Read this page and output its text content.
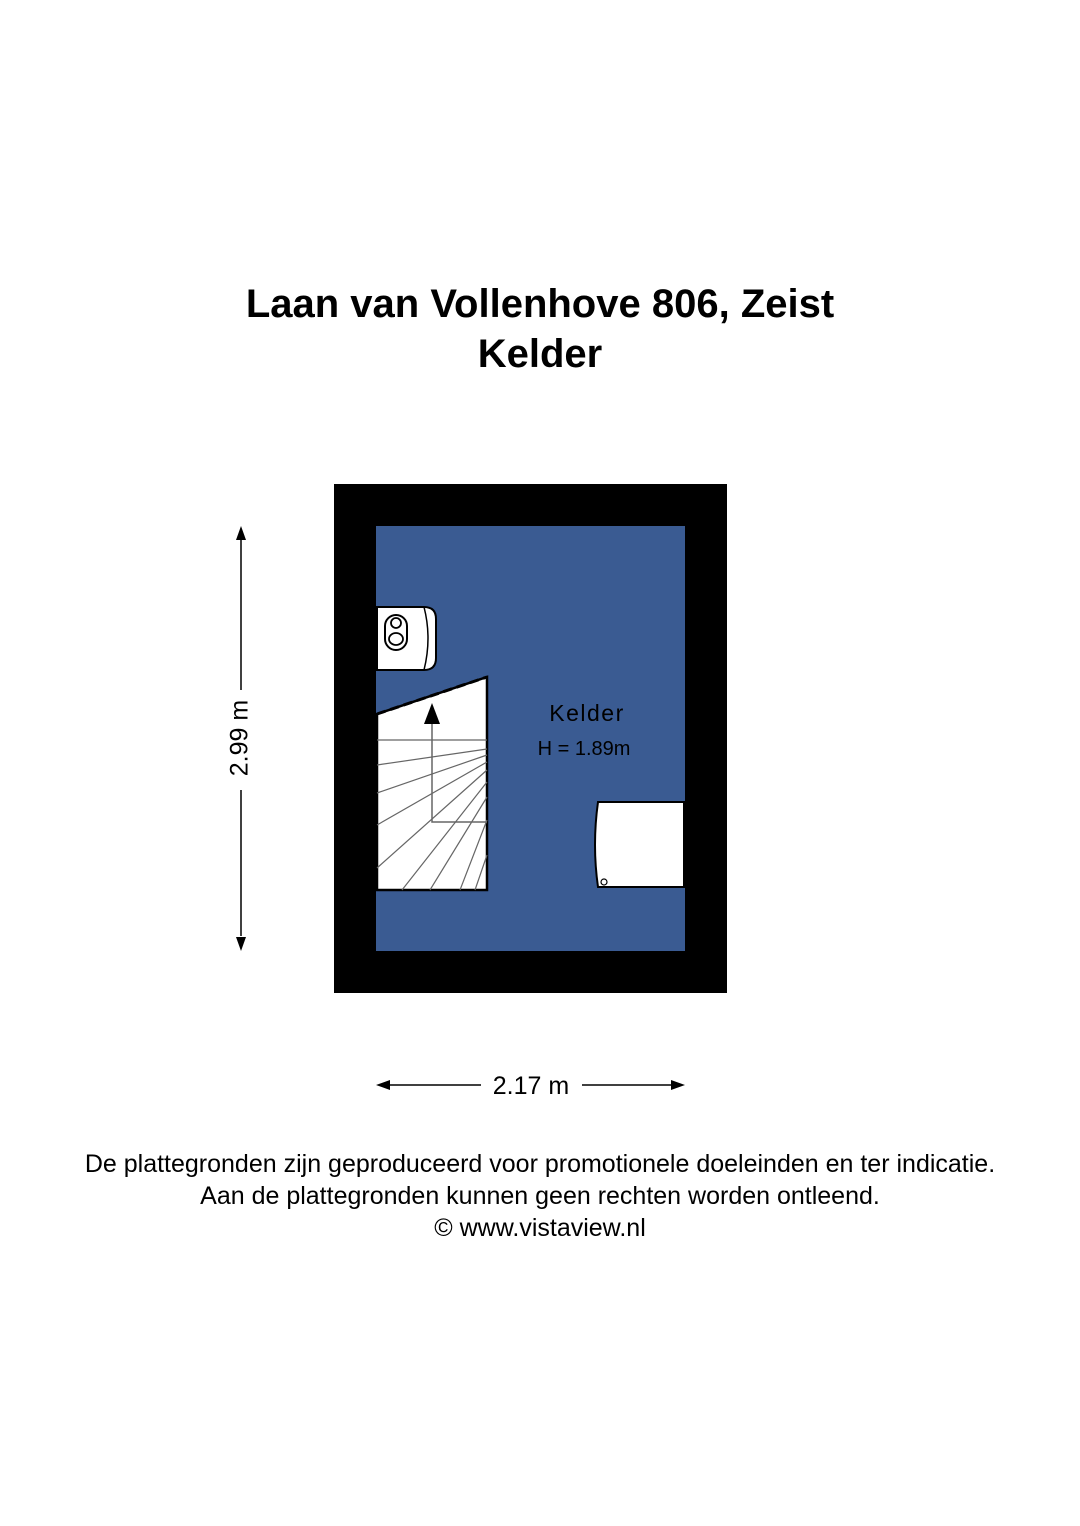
Laan van Vollenhove 806, Zeist
Kelder
Kelder
H = 1.89m
2.99 m
2.17 m
De plattegronden zijn geproduceerd voor promotionele doeleinden en ter indicatie.
Aan de plattegronden kunnen geen rechten worden ontleend.
© www.vistaview.nl
